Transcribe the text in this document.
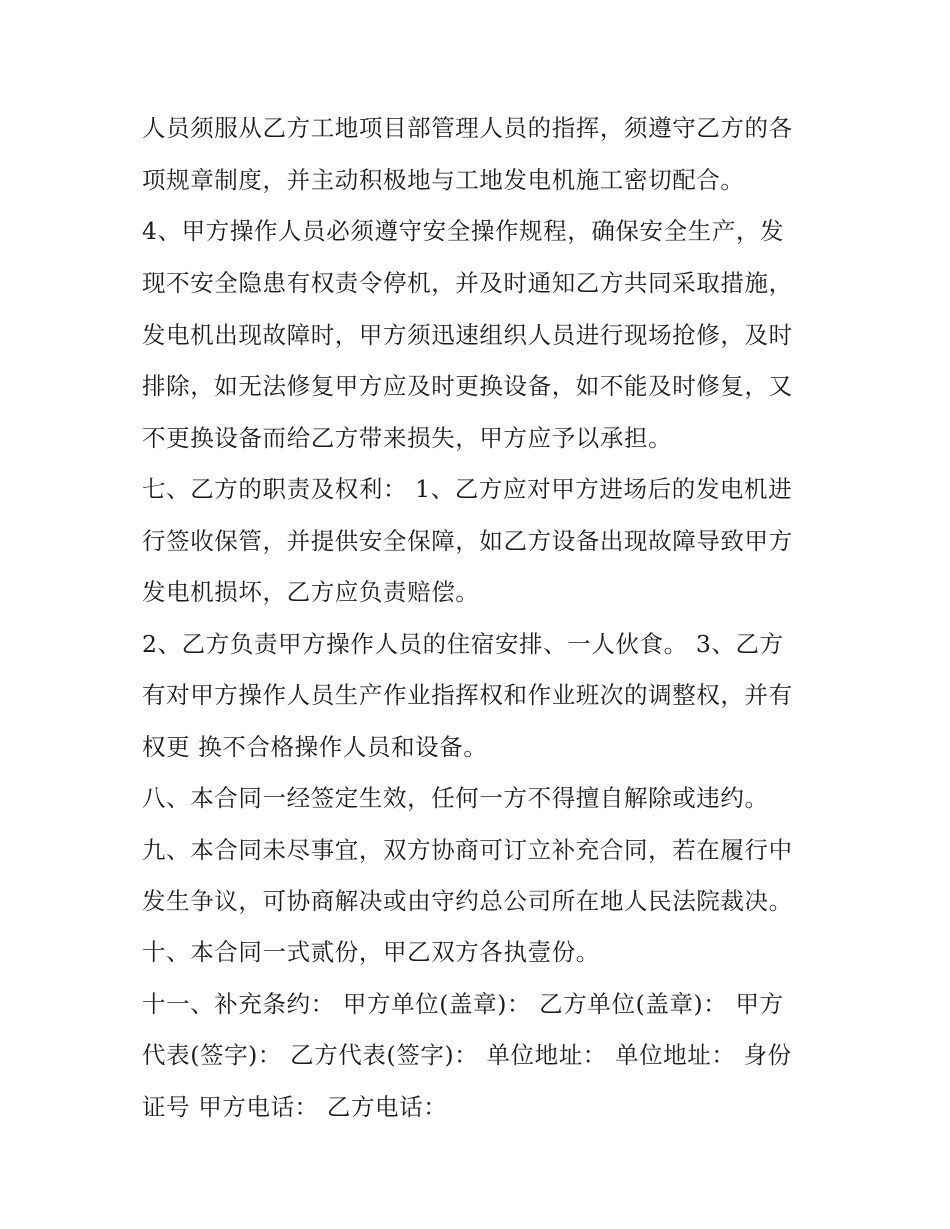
人员须服从乙方工地项目部管理人员的指挥，须遵守乙方的各
项规章制度，并主动积极地与工地发电机施工密切配合。
4、甲方操作人员必须遵守安全操作规程，确保安全生产，发
现不安全隐患有权责令停机，并及时通知乙方共同采取措施，
发电机出现故障时，甲方须迅速组织人员进行现场抢修，及时
排除，如无法修复甲方应及时更换设备，如不能及时修复，又
不更换设备而给乙方带来损失，甲方应予以承担。
七、乙方的职责及权利： 1、乙方应对甲方进场后的发电机进
行签收保管，并提供安全保障，如乙方设备出现故障导致甲方
发电机损坏，乙方应负责赔偿。
2、乙方负责甲方操作人员的住宿安排、一人伙食。 3、乙方
有对甲方操作人员生产作业指挥权和作业班次的调整权，并有
权更 换不合格操作人员和设备。
八、本合同一经签定生效，任何一方不得擅自解除或违约。
九、本合同未尽事宜，双方协商可订立补充合同，若在履行中
发生争议，可协商解决或由守约总公司所在地人民法院裁决。
十、本合同一式贰份，甲乙双方各执壹份。
十一、补充条约： 甲方单位(盖章)： 乙方单位(盖章)： 甲方
代表(签字)： 乙方代表(签字)： 单位地址： 单位地址： 身份
证号 甲方电话： 乙方电话：
